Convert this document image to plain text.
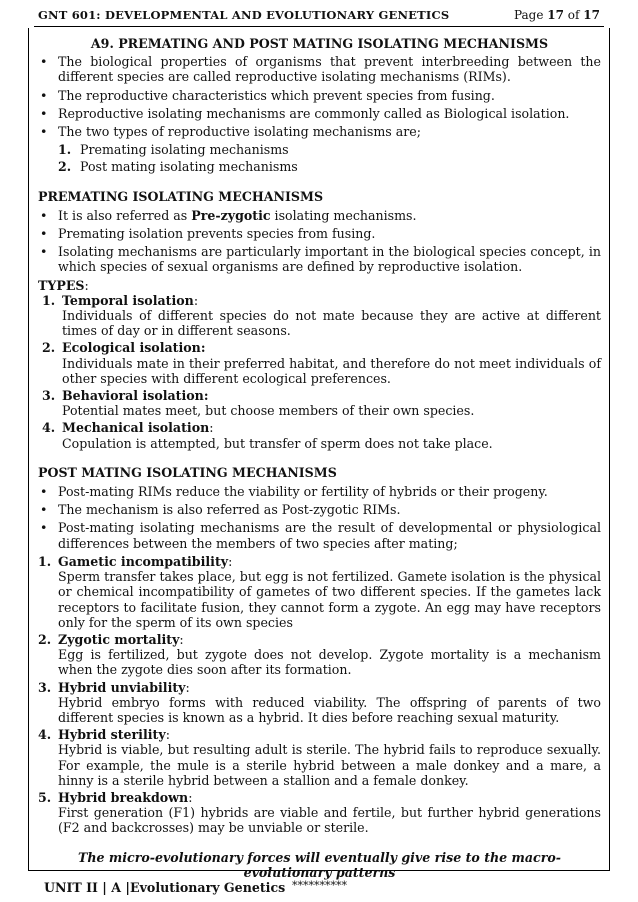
GNT 601: DEVELOPMENTAL AND EVOLUTIONARY GENETICS	Page 17 of 17
A9. PREMATING AND POST MATING ISOLATING MECHANISMS
• The biological properties of organisms that prevent interbreeding between the different species are called reproductive isolating mechanisms (RIMs).
• The reproductive characteristics which prevent species from fusing.
• Reproductive isolating mechanisms are commonly called as Biological isolation.
• The two types of reproductive isolating mechanisms are;
1. Premating isolating mechanisms
2. Post mating isolating mechanisms
PREMATING ISOLATING MECHANISMS
• It is also referred as Pre-zygotic isolating mechanisms.
• Premating isolation prevents species from fusing.
• Isolating mechanisms are particularly important in the biological species concept, in which species of sexual organisms are defined by reproductive isolation.
TYPES:
1. Temporal isolation:
Individuals of different species do not mate because they are active at different times of day or in different seasons.
2. Ecological isolation:
Individuals mate in their preferred habitat, and therefore do not meet individuals of other species with different ecological preferences.
3. Behavioral isolation:
Potential mates meet, but choose members of their own species.
4. Mechanical isolation:
Copulation is attempted, but transfer of sperm does not take place.
POST MATING ISOLATING MECHANISMS
• Post-mating RIMs reduce the viability or fertility of hybrids or their progeny.
• The mechanism is also referred as Post-zygotic RIMs.
• Post-mating isolating mechanisms are the result of developmental or physiological differences between the members of two species after mating;
1. Gametic incompatibility:
Sperm transfer takes place, but egg is not fertilized. Gamete isolation is the physical or chemical incompatibility of gametes of two different species. If the gametes lack receptors to facilitate fusion, they cannot form a zygote. An egg may have receptors only for the sperm of its own species
2. Zygotic mortality:
Egg is fertilized, but zygote does not develop. Zygote mortality is a mechanism when the zygote dies soon after its formation.
3. Hybrid unviability:
Hybrid embryo forms with reduced viability. The offspring of parents of two different species is known as a hybrid. It dies before reaching sexual maturity.
4. Hybrid sterility:
Hybrid is viable, but resulting adult is sterile. The hybrid fails to reproduce sexually. For example, the mule is a sterile hybrid between a male donkey and a mare, a hinny is a sterile hybrid between a stallion and a female donkey.
5. Hybrid breakdown:
First generation (F1) hybrids are viable and fertile, but further hybrid generations (F2 and backcrosses) may be unviable or sterile.
The micro-evolutionary forces will eventually give rise to the macro-evolutionary patterns
**********
UNIT II | A |Evolutionary Genetics
